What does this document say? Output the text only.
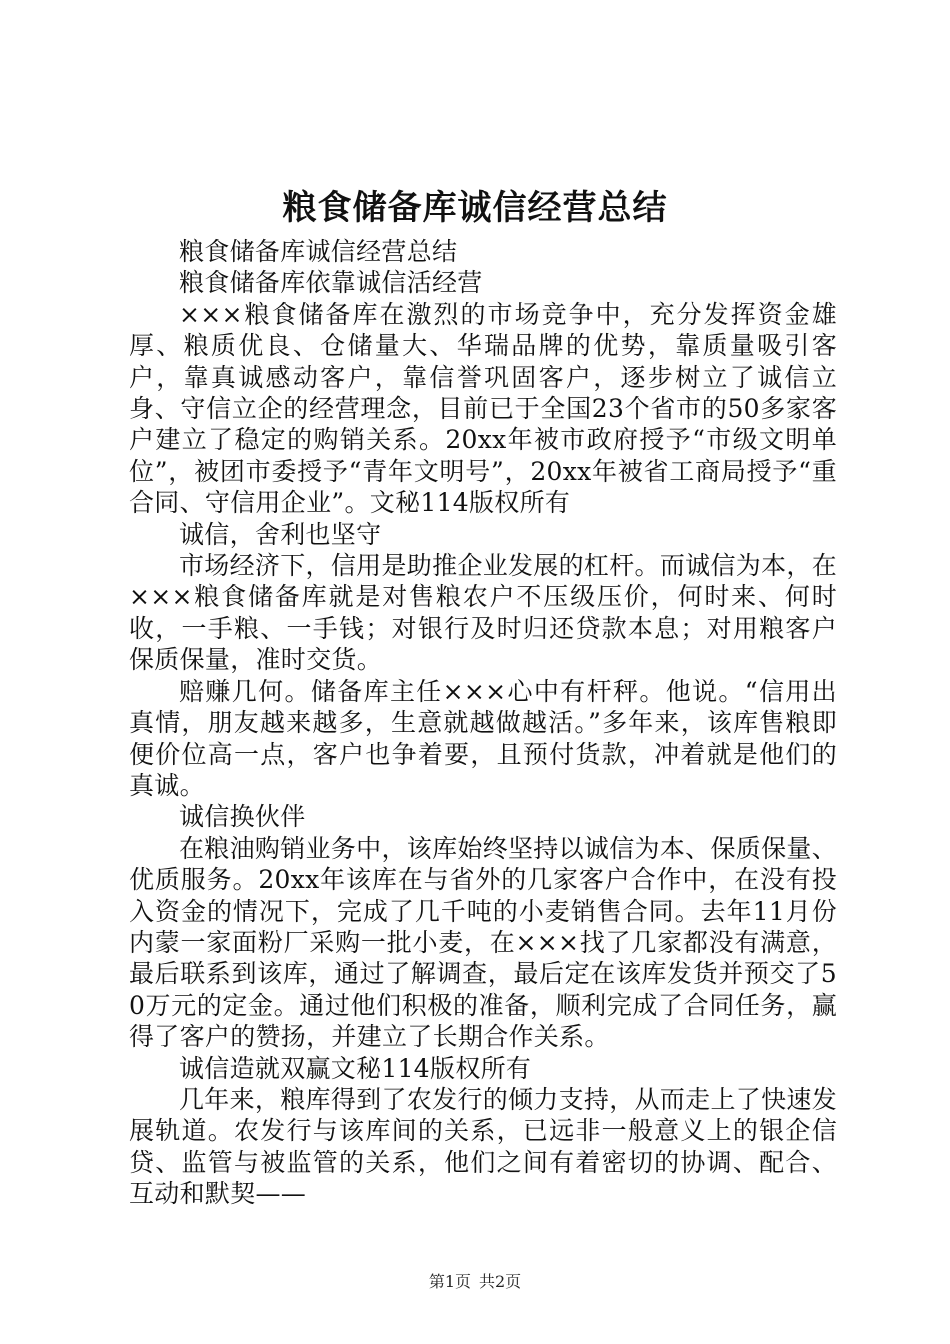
粮食储备库诚信经营总结

粮食储备库诚信经营总结

粮食储备库依靠诚信活经营

×××粮食储备库在激烈的市场竞争中，充分发挥资金雄厚、粮质优良、仓储量大、华瑞品牌的优势，靠质量吸引客户，靠真诚感动客户，靠信誉巩固客户，逐步树立了诚信立身、守信立企的经营理念，目前已于全国23个省市的50多家客户建立了稳定的购销关系。20xx年被市政府授予“市级文明单位”，被团市委授予“青年文明号”，20xx年被省工商局授予“重合同、守信用企业”。文秘114版权所有

诚信，舍利也坚守

市场经济下，信用是助推企业发展的杠杆。而诚信为本，在×××粮食储备库就是对售粮农户不压级压价，何时来、何时收，一手粮、一手钱；对银行及时归还贷款本息；对用粮客户保质保量，准时交货。

赔赚几何。储备库主任×××心中有杆秤。他说。“信用出真情，朋友越来越多，生意就越做越活。”多年来，该库售粮即便价位高一点，客户也争着要，且预付货款，冲着就是他们的真诚。

诚信换伙伴

在粮油购销业务中，该库始终坚持以诚信为本、保质保量、优质服务。20xx年该库在与省外的几家客户合作中，在没有投入资金的情况下，完成了几千吨的小麦销售合同。去年11月份内蒙一家面粉厂采购一批小麦，在×××找了几家都没有满意，最后联系到该库，通过了解调查，最后定在该库发货并预交了50万元的定金。通过他们积极的准备，顺利完成了合同任务，赢得了客户的赞扬，并建立了长期合作关系。

诚信造就双赢文秘114版权所有

几年来，粮库得到了农发行的倾力支持，从而走上了快速发展轨道。农发行与该库间的关系，已远非一般意义上的银企信贷、监管与被监管的关系，他们之间有着密切的协调、配合、互动和默契——

第1页 共2页
